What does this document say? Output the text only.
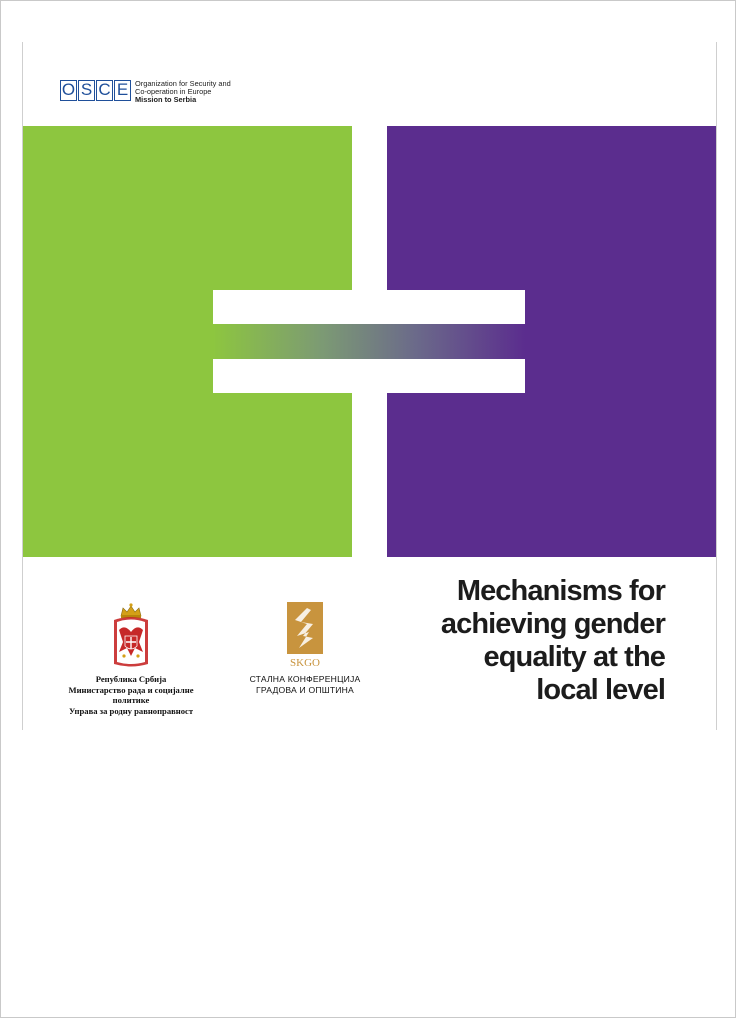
O S C E Organization for Security and
Co-operation in Europe
Mission to Serbia
Република Србија
Министарство рада и социјалне политике
Управа за родну равноправност
SKGO
СТАЛНА КОНФЕРЕНЦИЈА
ГРАДОВА И ОПШТИНА
Mechanisms for
achieving gender
equality at the
local level
